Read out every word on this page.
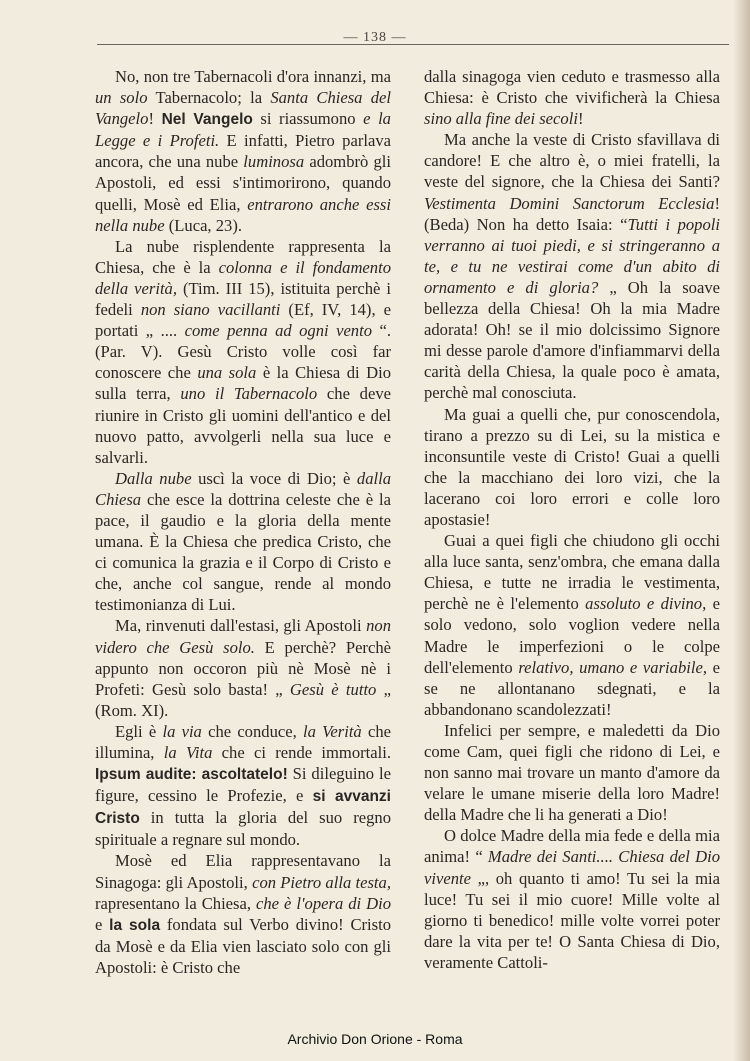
— 138 —

No, non tre Tabernacoli d'ora innanzi, ma un solo Tabernacolo; la Santa Chiesa del Vangelo! Nel Vangelo si riassumono e la Legge e i Profeti. E infatti, Pietro parlava ancora, che una nube luminosa adombrò gli Apostoli, ed essi s'intimorirono, quando quelli, Mosè ed Elia, entrarono anche essi nella nube (Luca, 23).

La nube risplendente rappresenta la Chiesa, che è la colonna e il fondamento della verità, (Tim. III 15), istituita perchè i fedeli non siano vacillanti (Ef, IV, 14), e portati „ .... come penna ad ogni vento “. (Par. V). Gesù Cristo volle così far conoscere che una sola è la Chiesa di Dio sulla terra, uno il Tabernacolo che deve riunire in Cristo gli uomini dell'antico e del nuovo patto, avvolgerli nella sua luce e salvarli.

Dalla nube uscì la voce di Dio; è dalla Chiesa che esce la dottrina celeste che è la pace, il gaudio e la gloria della mente umana. È la Chiesa che predica Cristo, che ci comunica la grazia e il Corpo di Cristo e che, anche col sangue, rende al mondo testimonianza di Lui.

Ma, rinvenuti dall'estasi, gli Apostoli non videro che Gesù solo. E perchè? Perchè appunto non occoron più nè Mosè nè i Profeti: Gesù solo basta! „ Gesù è tutto „ (Rom. XI).

Egli è la via che conduce, la Verità che illumina, la Vita che ci rende immortali. Ipsum audite: ascoltatelo! Si dileguino le figure, cessino le Profezie, e si avvanzi Cristo in tutta la gloria del suo regno spirituale a regnare sul mondo.

Mosè ed Elia rappresentavano la Sinagoga: gli Apostoli, con Pietro alla testa, rapresentano la Chiesa, che è l'opera di Dio e la sola fondata sul Verbo divino! Cristo da Mosè e da Elia vien lasciato solo con gli Apostoli: è Cristo che

dalla sinagoga vien ceduto e trasmesso alla Chiesa: è Cristo che vivificherà la Chiesa sino alla fine dei secoli!

Ma anche la veste di Cristo sfavillava di candore! E che altro è, o miei fratelli, la veste del signore, che la Chiesa dei Santi? Vestimenta Domini Sanctorum Ecclesia! (Beda) Non ha detto Isaia: “Tutti i popoli verranno ai tuoi piedi, e si stringeranno a te, e tu ne vestirai come d'un abito di ornamento e di gloria? „ Oh la soave bellezza della Chiesa! Oh la mia Madre adorata! Oh! se il mio dolcissimo Signore mi desse parole d'amore d'infiammarvi della carità della Chiesa, la quale poco è amata, perchè mal conosciuta.

Ma guai a quelli che, pur conoscendola, tirano a prezzo su di Lei, su la mistica e inconsuntile veste di Cristo! Guai a quelli che la macchiano dei loro vizi, che la lacerano coi loro errori e colle loro apostasie!

Guai a quei figli che chiudono gli occhi alla luce santa, senz'ombra, che emana dalla Chiesa, e tutte ne irradia le vestimenta, perchè ne è l'elemento assoluto e divino, e solo vedono, solo voglion vedere nella Madre le imperfezioni o le colpe dell'elemento relativo, umano e variabile, e se ne allontanano sdegnati, e la abbandonano scandolezzati!

Infelici per sempre, e maledetti da Dio come Cam, quei figli che ridono di Lei, e non sanno mai trovare un manto d'amore da velare le umane miserie della loro Madre! della Madre che li ha generati a Dio!

O dolce Madre della mia fede e della mia anima! “ Madre dei Santi.... Chiesa del Dio vivente „, oh quanto ti amo! Tu sei la mia luce! Tu sei il mio cuore! Mille volte al giorno ti benedico! mille volte vorrei poter dare la vita per te! O Santa Chiesa di Dio, veramente Cattoli-

Archivio Don Orione - Roma
